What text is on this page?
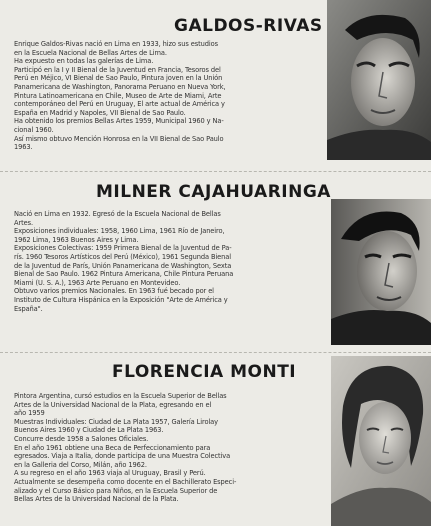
GALDOS-RIVAS
Enrique Galdos-Rivas nació en Lima en 1933, hizo sus estudios
en la Escuela Nacional de Bellas Artes de Lima.
Ha expuesto en todas las galerías de Lima.
Participó en la I y II Bienal de la Juventud en Francia, Tesoros del
Perú en Méjico, VI Bienal de Sao Paulo, Pintura joven en la Unión
Panamericana de Washington, Panorama Peruano en Nueva York,
Pintura Latinoamericana en Chile, Museo de Arte de Miami, Arte
contemporáneo del Perú en Uruguay, El arte actual de América y
España en Madrid y Napoles, VII Bienal de Sao Paulo.
Ha obtenido los premios Bellas Artes 1959, Municipal 1960 y Na-
cional 1960.
Así mismo obtuvo Mención Honrosa en la VII Bienal de Sao Paulo
1963.
MILNER CAJAHUARINGA
Nació en Lima en 1932. Egresó de la Escuela Nacional de Bellas
Artes.
Exposiciones individuales: 1958, 1960 Lima, 1961 Río de Janeiro,
1962 Lima, 1963 Buenos Aires y Lima.
Exposiciones Colectivas: 1959 Primera Bienal de la Juventud de Pa-
rís. 1960 Tesoros Artísticos del Perú (México), 1961 Segunda Bienal
de la Juventud de París, Unión Panamericana de Washington, Sexta
Bienal de Sao Paulo. 1962 Pintura Americana, Chile Pintura Peruana
Miami (U. S. A.), 1963 Arte Peruano en Montevideo.
Obtuvo varios premios Nacionales. En 1963 fué becado por el
Instituto de Cultura Hispánica en la Exposición "Arte de América y
España".
FLORENCIA MONTI
Pintora Argentina, cursó estudios en la Escuela Superior de Bellas
Artes de la Universidad Nacional de la Plata, egresando en el
año 1959
Muestras Individuales: Ciudad de La Plata 1957, Galería Lirolay
Buenos Aires 1960 y Ciudad de La Plata 1963.
Concurre desde 1958 a Salones Oficiales.
En el año 1961 obtiene una Beca de Perfeccionamiento para
egresados. Viaja a Italia, donde participa de una Muestra Colectiva
en la Galleria del Corso, Milán, año 1962.
A su regreso en el año 1963 viaja al Uruguay, Brasil y Perú.
Actualmente se desempeña como docente en el Bachillerato Especi-
alizado y el Curso Básico para Niños, en la Escuela Superior de
Bellas Artes de la Universidad Nacional de la Plata.
